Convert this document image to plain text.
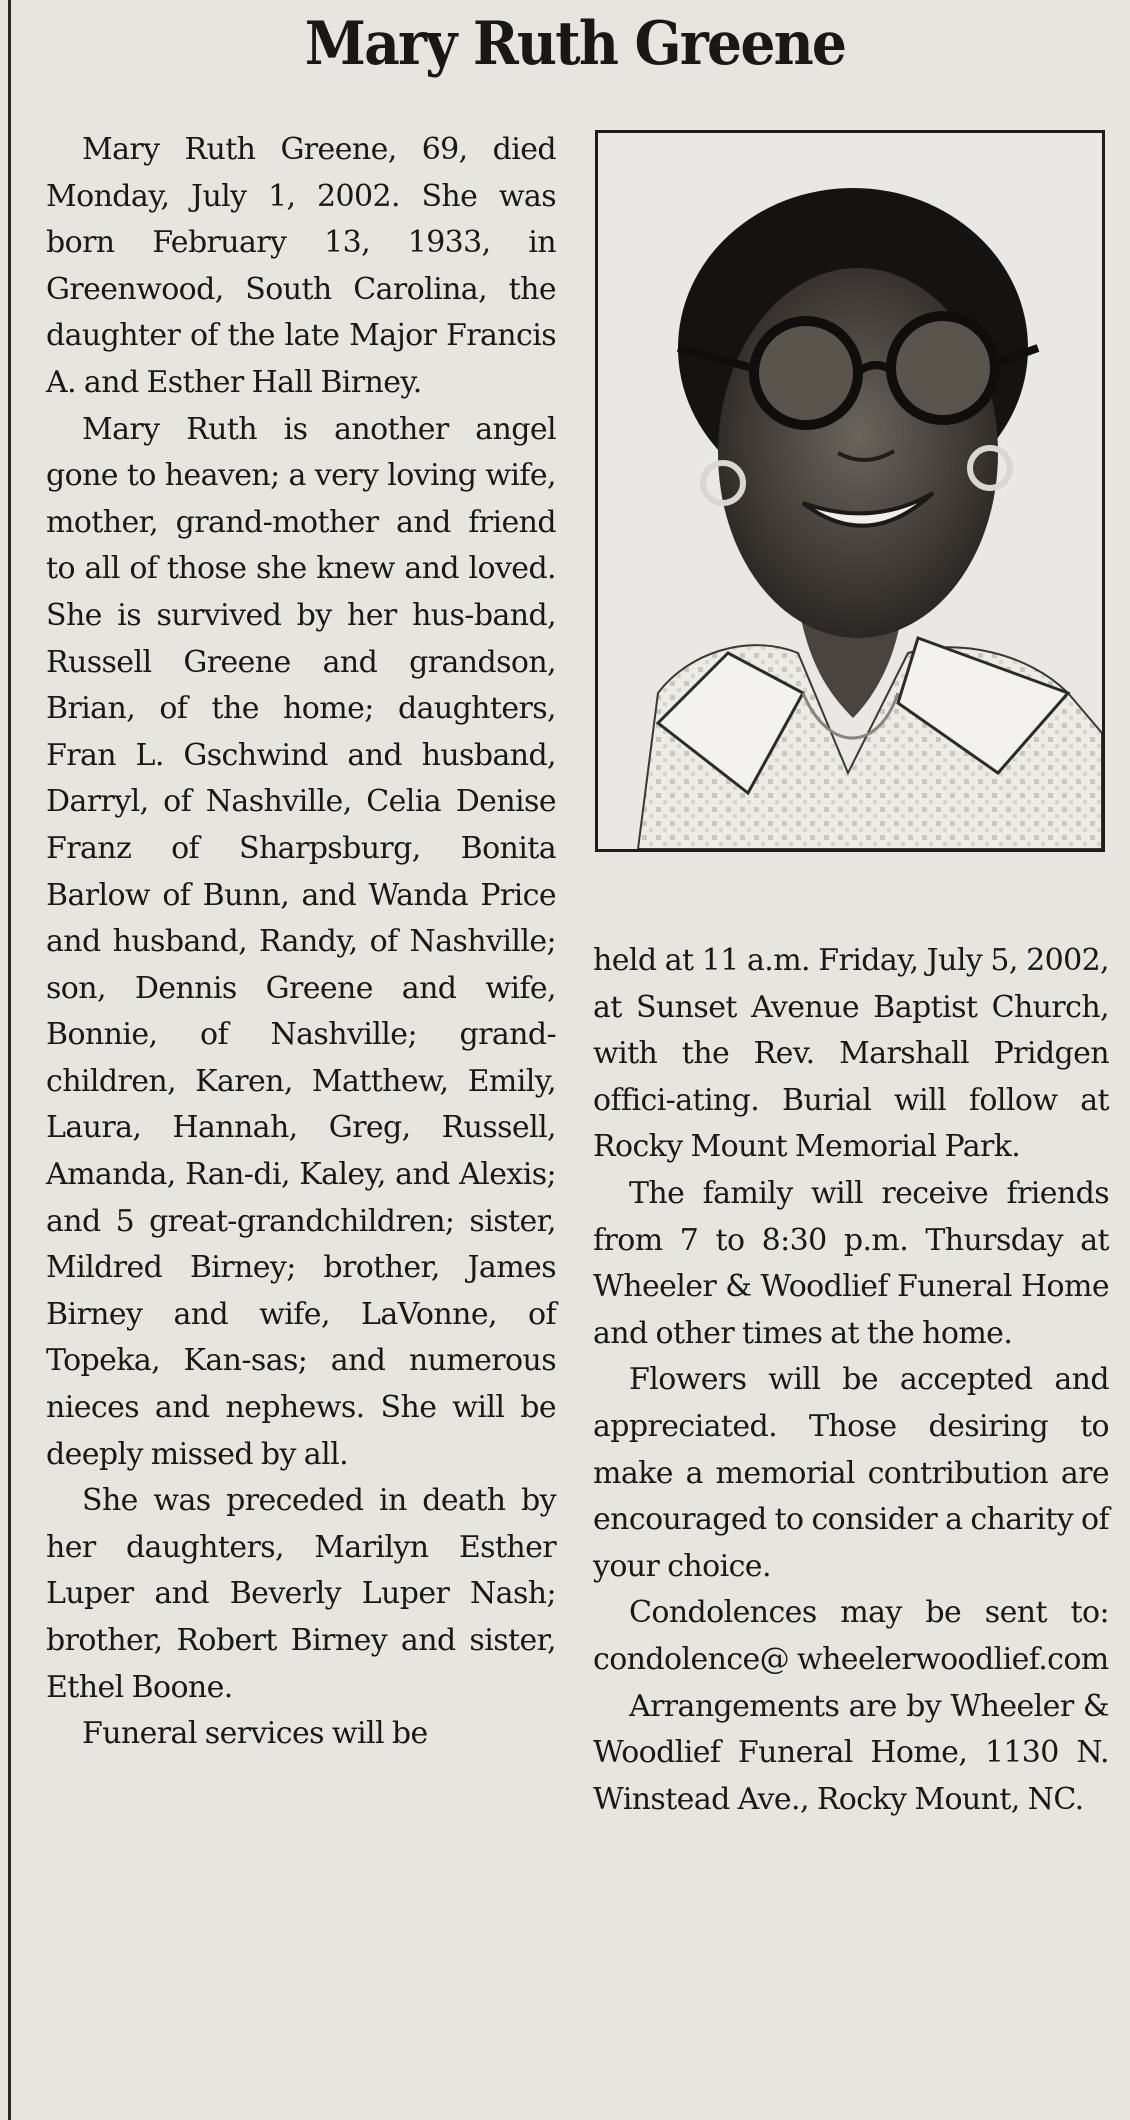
Mary Ruth Greene

Mary Ruth Greene, 69, died Monday, July 1, 2002. She was born February 13, 1933, in Greenwood, South Carolina, the daughter of the late Major Francis A. and Esther Hall Birney.

Mary Ruth is another angel gone to heaven; a very loving wife, mother, grand-mother and friend to all of those she knew and loved. She is survived by her hus-band, Russell Greene and grandson, Brian, of the home; daughters, Fran L. Gschwind and husband, Darryl, of Nashville, Celia Denise Franz of Sharpsburg, Bonita Barlow of Bunn, and Wanda Price and husband, Randy, of Nashville; son, Dennis Greene and wife, Bonnie, of Nashville; grand-children, Karen, Matthew, Emily, Laura, Hannah, Greg, Russell, Amanda, Ran-di, Kaley, and Alexis; and 5 great-grandchildren; sister, Mildred Birney; brother, James Birney and wife, LaVonne, of Topeka, Kan-sas; and numerous nieces and nephews. She will be deeply missed by all.

She was preceded in death by her daughters, Marilyn Esther Luper and Beverly Luper Nash; brother, Robert Birney and sister, Ethel Boone.

Funeral services will be

held at 11 a.m. Friday, July 5, 2002, at Sunset Avenue Baptist Church, with the Rev. Marshall Pridgen offici-ating. Burial will follow at Rocky Mount Memorial Park.

The family will receive friends from 7 to 8:30 p.m. Thursday at Wheeler & Woodlief Funeral Home and other times at the home.

Flowers will be accepted and appreciated. Those desiring to make a memorial contribution are encouraged to consider a charity of your choice.

Condolences may be sent to: condolence@ wheelerwoodlief.com

Arrangements are by Wheeler & Woodlief Funeral Home, 1130 N. Winstead Ave., Rocky Mount, NC.
